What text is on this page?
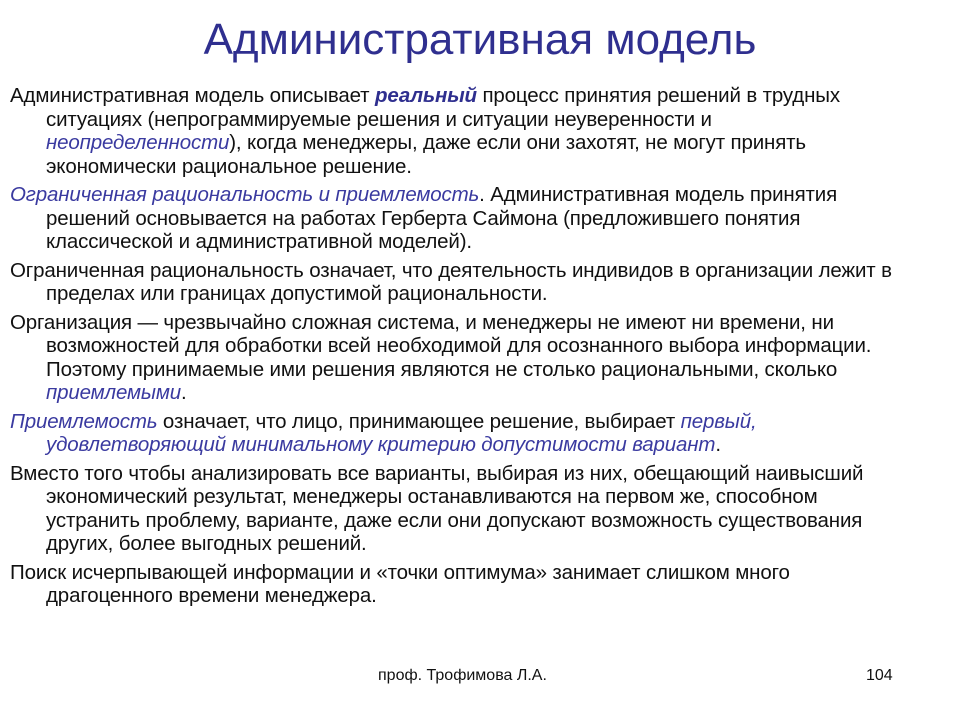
Административная модель

Административная модель описывает реальный процесс принятия решений в трудных ситуациях (непрограммируемые решения и ситуации неуверенности и неопределенности), когда менеджеры, даже если они захотят, не могут принять экономически рациональное решение.

Ограниченная рациональность и приемлемость. Административная модель принятия решений основывается на работах Герберта Саймона (предложившего понятия классической и административной моделей).

Ограниченная рациональность означает, что деятельность индивидов в организации лежит в пределах или границах допустимой рациональности.

Организация — чрезвычайно сложная система, и менеджеры не имеют ни времени, ни возможностей для обработки всей необходимой для осознанного выбора информации. Поэтому принимаемые ими решения являются не столько рациональными, сколько приемлемыми.

Приемлемость означает, что лицо, принимающее решение, выбирает первый, удовлетворяющий минимальному критерию допустимости вариант.

Вместо того чтобы анализировать все варианты, выбирая из них, обещающий наивысший экономический результат, менеджеры останавливаются на первом же, способном устранить проблему, варианте, даже если они допускают возможность существования других, более выгодных решений.

Поиск исчерпывающей информации и «точки оптимума» занимает слишком много драгоценного времени менеджера.

проф. Трофимова Л.А.	104
